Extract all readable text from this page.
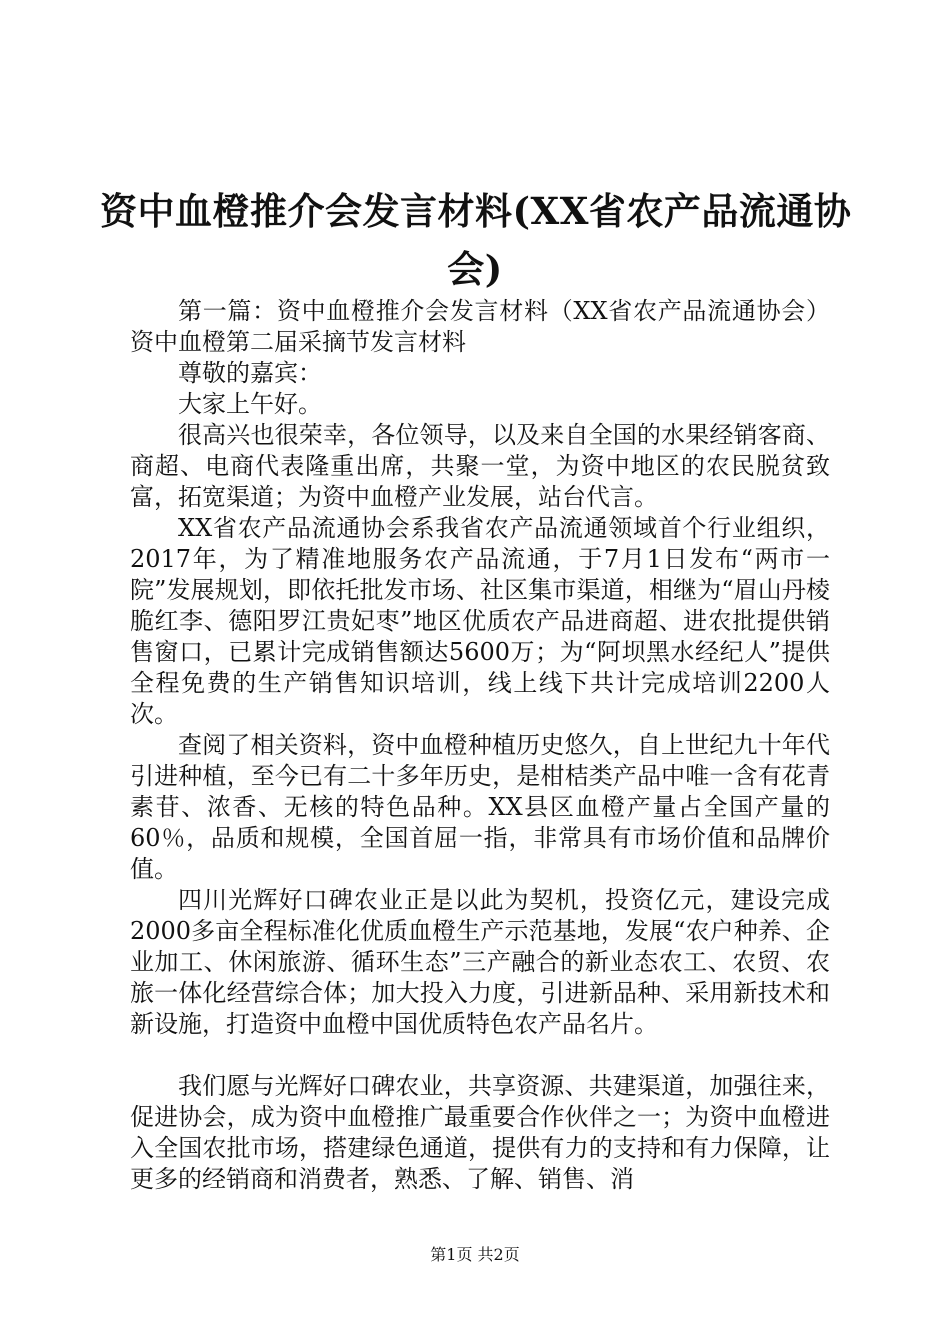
资中血橙推介会发言材料(XX省农产品流通协
会)

第一篇：资中血橙推介会发言材料（XX省农产品流通协会）资中血橙第二届采摘节发言材料

尊敬的嘉宾：

大家上午好。

很高兴也很荣幸，各位领导，以及来自全国的水果经销客商、商超、电商代表隆重出席，共聚一堂，为资中地区的农民脱贫致富，拓宽渠道；为资中血橙产业发展，站台代言。

XX省农产品流通协会系我省农产品流通领域首个行业组织，2017年，为了精准地服务农产品流通，于7月1日发布“两市一院”发展规划，即依托批发市场、社区集市渠道，相继为“眉山丹棱脆红李、德阳罗江贵妃枣”地区优质农产品进商超、进农批提供销售窗口，已累计完成销售额达5600万；为“阿坝黑水经纪人”提供全程免费的生产销售知识培训，线上线下共计完成培训2200人次。

查阅了相关资料，资中血橙种植历史悠久，自上世纪九十年代引进种植，至今已有二十多年历史，是柑桔类产品中唯一含有花青素苷、浓香、无核的特色品种。XX县区血橙产量占全国产量的60％，品质和规模，全国首屈一指，非常具有市场价值和品牌价值。

四川光辉好口碑农业正是以此为契机，投资亿元，建设完成2000多亩全程标准化优质血橙生产示范基地，发展“农户种养、企业加工、休闲旅游、循环生态”三产融合的新业态农工、农贸、农旅一体化经营综合体；加大投入力度，引进新品种、采用新技术和新设施，打造资中血橙中国优质特色农产品名片。

我们愿与光辉好口碑农业，共享资源、共建渠道，加强往来，促进协会，成为资中血橙推广最重要合作伙伴之一；为资中血橙进入全国农批市场，搭建绿色通道，提供有力的支持和有力保障，让更多的经销商和消费者，熟悉、了解、销售、消

第1页 共2页
